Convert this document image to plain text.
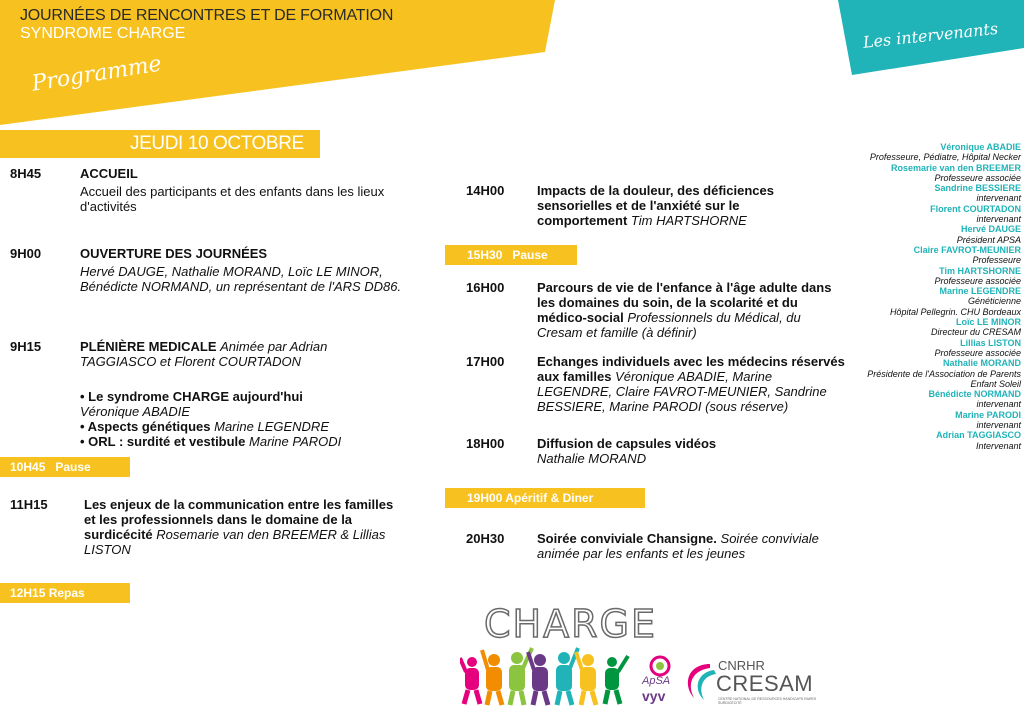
JOURNÉES DE RENCONTRES ET DE FORMATION
SYNDROME CHARGE
Programme
Les intervenants
JEUDI 10 OCTOBRE
8H45	ACCUEIL
Accueil des participants et des enfants dans les lieux d'activités
9H00	OUVERTURE DES JOURNÉES
Hervé DAUGE, Nathalie MORAND, Loïc LE MINOR, Bénédicte NORMAND, un représentant de l'ARS DD86.
9H15	PLÉNIÈRE MEDICALE Animée par Adrian TAGGIASCO et Florent COURTADON
• Le syndrome CHARGE aujourd'hui
Véronique ABADIE
• Aspects génétiques Marine LEGENDRE
• ORL : surdité et vestibule Marine PARODI
10H45   Pause
11H15	Les enjeux de la communication entre les familles et les professionnels dans le domaine de la surdicécité Rosemarie van den BREEMER & Lillias LISTON
12H15 Repas
14H00	Impacts de la douleur, des déficiences sensorielles et de l'anxiété sur le comportement Tim HARTSHORNE
15H30   Pause
16H00	Parcours de vie de l'enfance à l'âge adulte dans les domaines du soin, de la scolarité et du médico-social Professionnels du Médical, du Cresam et famille (à définir)
17H00	Echanges individuels avec les médecins réservés aux familles Véronique ABADIE, Marine LEGENDRE, Claire FAVROT-MEUNIER, Sandrine BESSIERE, Marine PARODI (sous réserve)
18H00	Diffusion de capsules vidéos
Nathalie MORAND
19H00 Apéritif & Diner
20H30	Soirée conviviale Chansigne. Soirée conviviale animée par les enfants et les jeunes
Véronique ABADIE
Professeure, Pédiatre, Hôpital Necker
Rosemarie van den BREEMER
Professeure associée
Sandrine BESSIERE
intervenant
Florent COURTADON
intervenant
Hervé DAUGE
Président APSA
Claire FAVROT-MEUNIER
Professeure
Tim HARTSHORNE
Professeure associée
Marine LEGENDRE
Généticienne
Hôpital Pellegrin. CHU Bordeaux
Loïc LE MINOR
Directeur du CRESAM
Lillias LISTON
Professeure associée
Nathalie MORAND
Présidente de l'Association de Parents
Enfant Soleil
Bénédicte NORMAND
intervenant
Marine PARODI
intervenant
Adrian TAGGIASCO
Intervenant
CHARGE
ApSA
vyv
CNRHR
CRESAM
CENTRE NATIONAL DE RESSOURCES HANDICAPS RARES SURDICÉCITÉ
